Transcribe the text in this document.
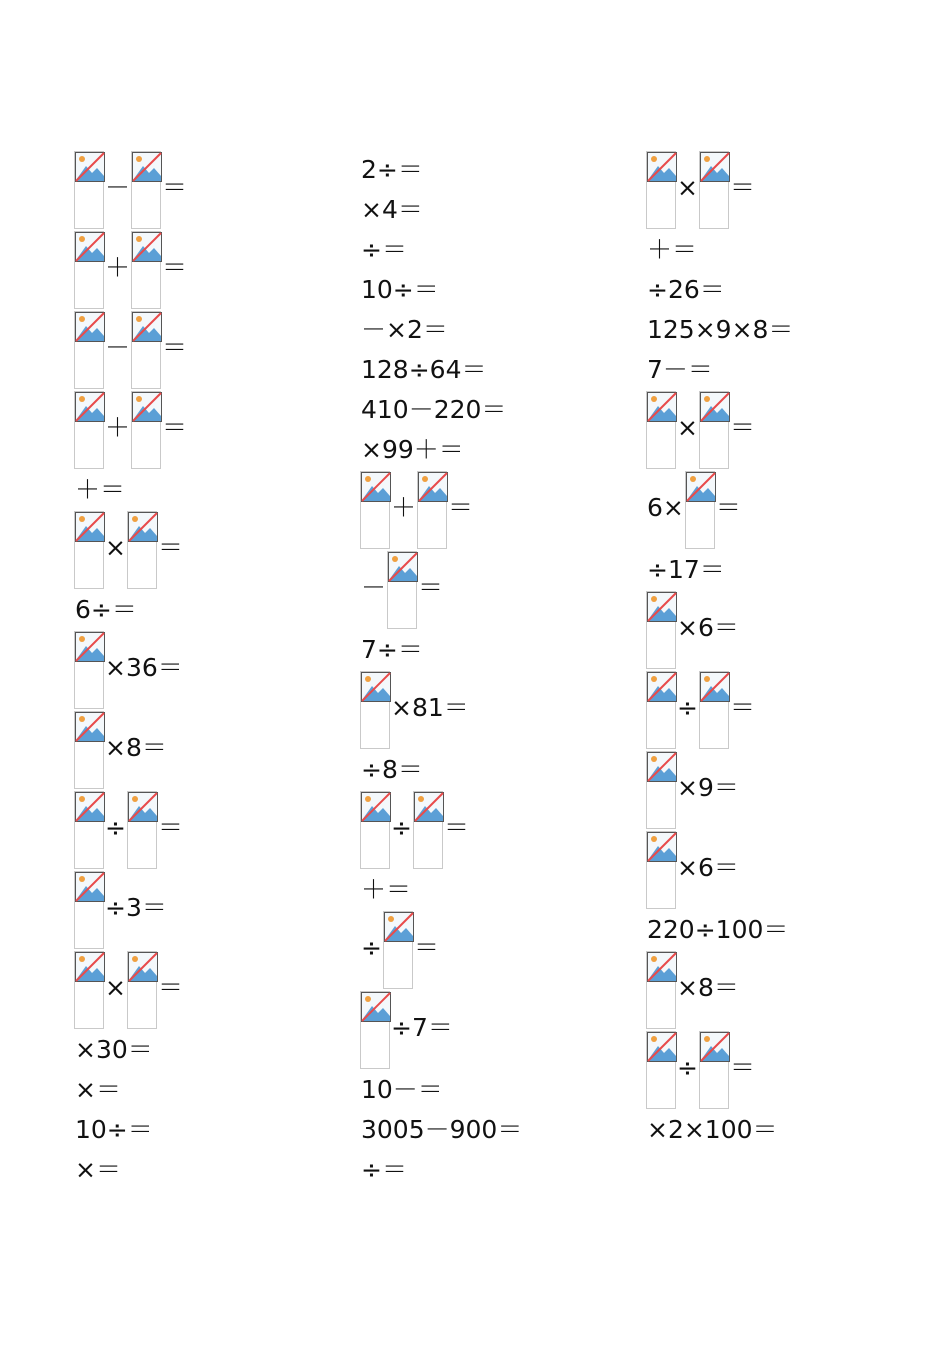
－ ＝
＋ ＝
－ ＝
＋ ＝
＋＝
× ＝
6÷＝
×36＝
×8＝
÷ ＝
÷3＝
× ＝
×30＝
×＝
10÷＝
×＝
2÷＝
×4＝
÷＝
10÷＝
－×2＝
128÷64＝
410－220＝
×99＋＝
＋ ＝
－ ＝
7÷＝
×81＝
÷8＝
÷ ＝
＋＝
÷ ＝
÷7＝
10－＝
3005－900＝
÷＝
× ＝
＋＝
÷26＝
125×9×8＝
7－＝
× ＝
6× ＝
÷17＝
×6＝
÷ ＝
×9＝
×6＝
220÷100＝
×8＝
÷ ＝
×2×100＝
